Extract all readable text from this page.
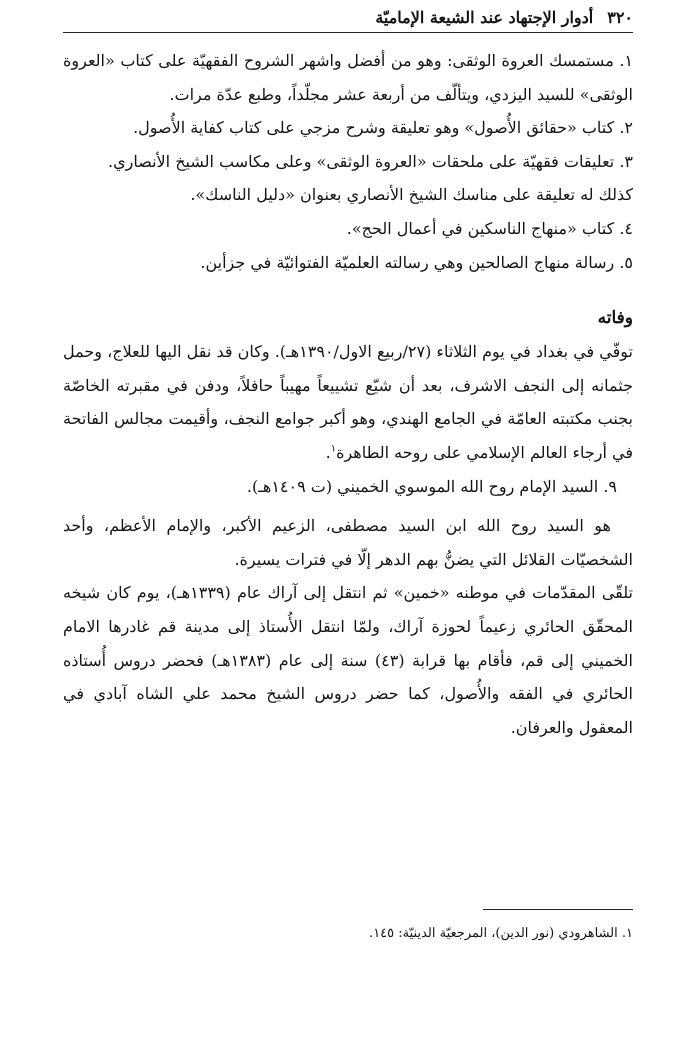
٣٢٠أدوار الإجتهاد عند الشيعة الإماميّة

١. مستمسك العروة الوثقى: وهو من أفضل واشهر الشروح الفقهيّة على كتاب «العروة الوثقى» للسيد اليزدي، ويتألّف من أربعة عشر مجلّداً، وطبع عدّة مرات.

٢. كتاب «حقائق الأُصول» وهو تعليقة وشرح مزجي على كتاب كفاية الأُصول.

٣. تعليقات فقهيّة على ملحقات «العروة الوثقى» وعلى مكاسب الشيخ الأنصاري.

كذلك له تعليقة على مناسك الشيخ الأنصاري بعنوان «دليل الناسك».

٤. كتاب «منهاج الناسكين في أعمال الحج».

٥. رسالة منهاج الصالحين وهي رسالته العلميّة الفتوائيّة في جزأين.

وفاته

توفّي في بغداد في يوم الثلاثاء (٢٧/ربيع الاول/١٣٩٠هـ). وكان قد نقل اليها للعلاج، وحمل جثمانه إلى النجف الاشرف، بعد أن شيّع تشييعاً مهيباً حافلاً، ودفن في مقبرته الخاصّة بجنب مكتبته العامّة في الجامع الهندي، وهو أكبر جوامع النجف، وأقيمت مجالس الفاتحة في أرجاء العالم الإسلامي على روحه الطاهرة$^١$.

٩. السيد الإمام روح الله الموسوي الخميني (ت ١٤٠٩هـ).

هو السيد روح الله ابن السيد مصطفى، الزعيم الأكبر، والإمام الأعظم، وأحد الشخصيّات القلائل التي يضنُّ بهم الدهر إلّا في فترات يسيرة.

تلقّى المقدّمات في موطنه «خمين» ثم انتقل إلى آراك عام (١٣٣٩هـ)، يوم كان شيخه المحقّق الحائري زعيماً لحوزة آراك، ولمّا انتقل الأُستاذ إلى مدينة قم غادرها الامام الخميني إلى قم، فأقام بها قرابة (٤٣) سنة إلى عام (١٣٨٣هـ) فحضر دروس أُستاذه الحائري في الفقه والأُصول، كما حضر دروس الشيخ محمد علي الشاه آبادي في المعقول والعرفان.

١. الشاهرودي (نور الدين)، المرجعيّة الدينيّة: ١٤٥.
